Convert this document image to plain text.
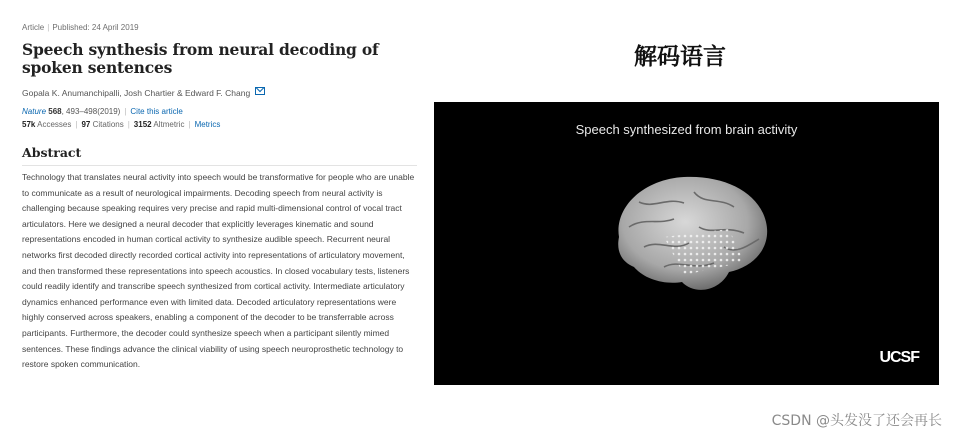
Article | Published: 24 April 2019
Speech synthesis from neural decoding of spoken sentences
Gopala K. Anumanchipalli, Josh Chartier & Edward F. Chang
Nature 568, 493–498(2019) | Cite this article
57k Accesses | 97 Citations | 3152 Altmetric | Metrics
Abstract
Technology that translates neural activity into speech would be transformative for people who are unable to communicate as a result of neurological impairments. Decoding speech from neural activity is challenging because speaking requires very precise and rapid multi-dimensional control of vocal tract articulators. Here we designed a neural decoder that explicitly leverages kinematic and sound representations encoded in human cortical activity to synthesize audible speech. Recurrent neural networks first decoded directly recorded cortical activity into representations of articulatory movement, and then transformed these representations into speech acoustics. In closed vocabulary tests, listeners could readily identify and transcribe speech synthesized from cortical activity. Intermediate articulatory dynamics enhanced performance even with limited data. Decoded articulatory representations were highly conserved across speakers, enabling a component of the decoder to be transferrable across participants. Furthermore, the decoder could synthesize speech when a participant silently mimed sentences. These findings advance the clinical viability of using speech neuroprosthetic technology to restore spoken communication.
解码语言
Speech synthesized from brain activity
UCSF
CSDN @头发没了还会再长
